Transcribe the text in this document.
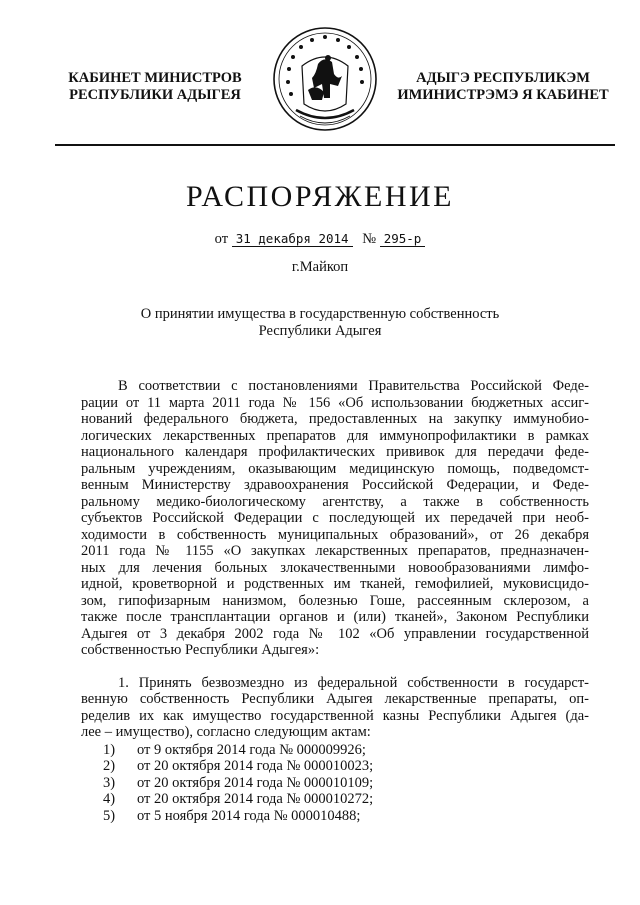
КАБИНЕТ МИНИСТРОВ
РЕСПУБЛИКИ АДЫГЕЯ
АДЫГЭ РЕСПУБЛИКЭМ
ИМИНИСТРЭМЭ Я КАБИНЕТ
РАСПОРЯЖЕНИЕ
от 31 декабря 2014 № 295-р
г.Майкоп
О принятии имущества в государственную собственность
Республики Адыгея
В соответствии с постановлениями Правительства Российской Феде-
рации от 11 марта 2011 года № 156 «Об использовании бюджетных ассиг-
нований федерального бюджета, предоставленных на закупку иммунобио-
логических лекарственных препаратов для иммунопрофилактики в рамках
национального календаря профилактических прививок для передачи феде-
ральным учреждениям, оказывающим медицинскую помощь, подведомст-
венным Министерству здравоохранения Российской Федерации, и Феде-
ральному медико-биологическому агентству, а также в собственность
субъектов Российской Федерации с последующей их передачей при необ-
ходимости в собственность муниципальных образований», от 26 декабря
2011 года № 1155 «О закупках лекарственных препаратов, предназначен-
ных для лечения больных злокачественными новообразованиями лимфо-
идной, кроветворной и родственных им тканей, гемофилией, муковисцидо-
зом, гипофизарным нанизмом, болезнью Гоше, рассеянным склерозом, а
также после трансплантации органов и (или) тканей», Законом Республики
Адыгея от 3 декабря 2002 года № 102 «Об управлении государственной
собственностью Республики Адыгея»:
1. Принять безвозмездно из федеральной собственности в государст-
венную собственность Республики Адыгея лекарственные препараты, оп-
ределив их как имущество государственной казны Республики Адыгея (да-
лее – имущество), согласно следующим актам:
1) от 9 октября 2014 года № 000009926;
2) от 20 октября 2014 года № 000010023;
3) от 20 октября 2014 года № 000010109;
4) от 20 октября 2014 года № 000010272;
5) от 5 ноября 2014 года № 000010488;
